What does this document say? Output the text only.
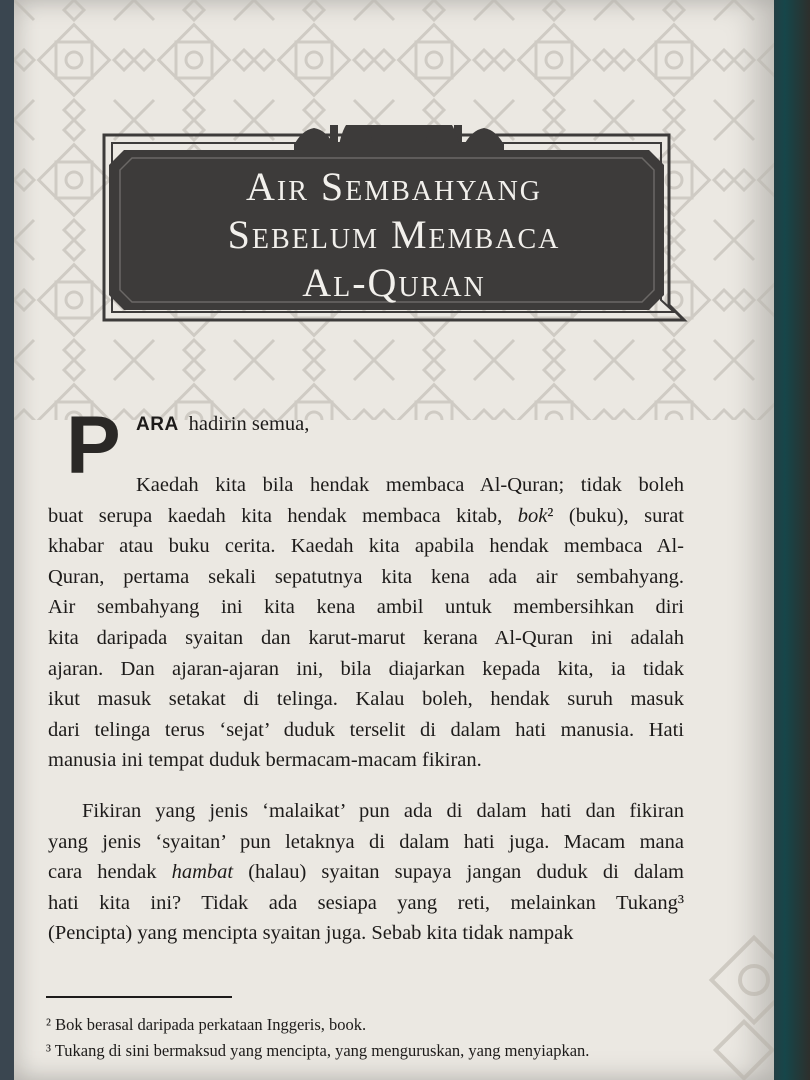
Air Sembahyang
Sebelum Membaca
Al-Quran
P ARA hadirin semua,
Kaedah kita bila hendak membaca Al-Quran; tidak boleh
buat serupa kaedah kita hendak membaca kitab, bok² (buku), surat
khabar atau buku cerita. Kaedah kita apabila hendak membaca Al-
Quran, pertama sekali sepatutnya kita kena ada air sembahyang.
Air sembahyang ini kita kena ambil untuk membersihkan diri
kita daripada syaitan dan karut-marut kerana Al-Quran ini adalah
ajaran. Dan ajaran-ajaran ini, bila diajarkan kepada kita, ia tidak
ikut masuk setakat di telinga. Kalau boleh, hendak suruh masuk
dari telinga terus ‘sejat’ duduk terselit di dalam hati manusia. Hati
manusia ini tempat duduk bermacam-macam fikiran.
Fikiran yang jenis ‘malaikat’ pun ada di dalam hati dan fikiran
yang jenis ‘syaitan’ pun letaknya di dalam hati juga. Macam mana
cara hendak hambat (halau) syaitan supaya jangan duduk di dalam
hati kita ini? Tidak ada sesiapa yang reti, melainkan Tukang³
(Pencipta) yang mencipta syaitan juga. Sebab kita tidak nampak
² Bok berasal daripada perkataan Inggeris, book.
³ Tukang di sini bermaksud yang mencipta, yang menguruskan, yang menyiapkan.
